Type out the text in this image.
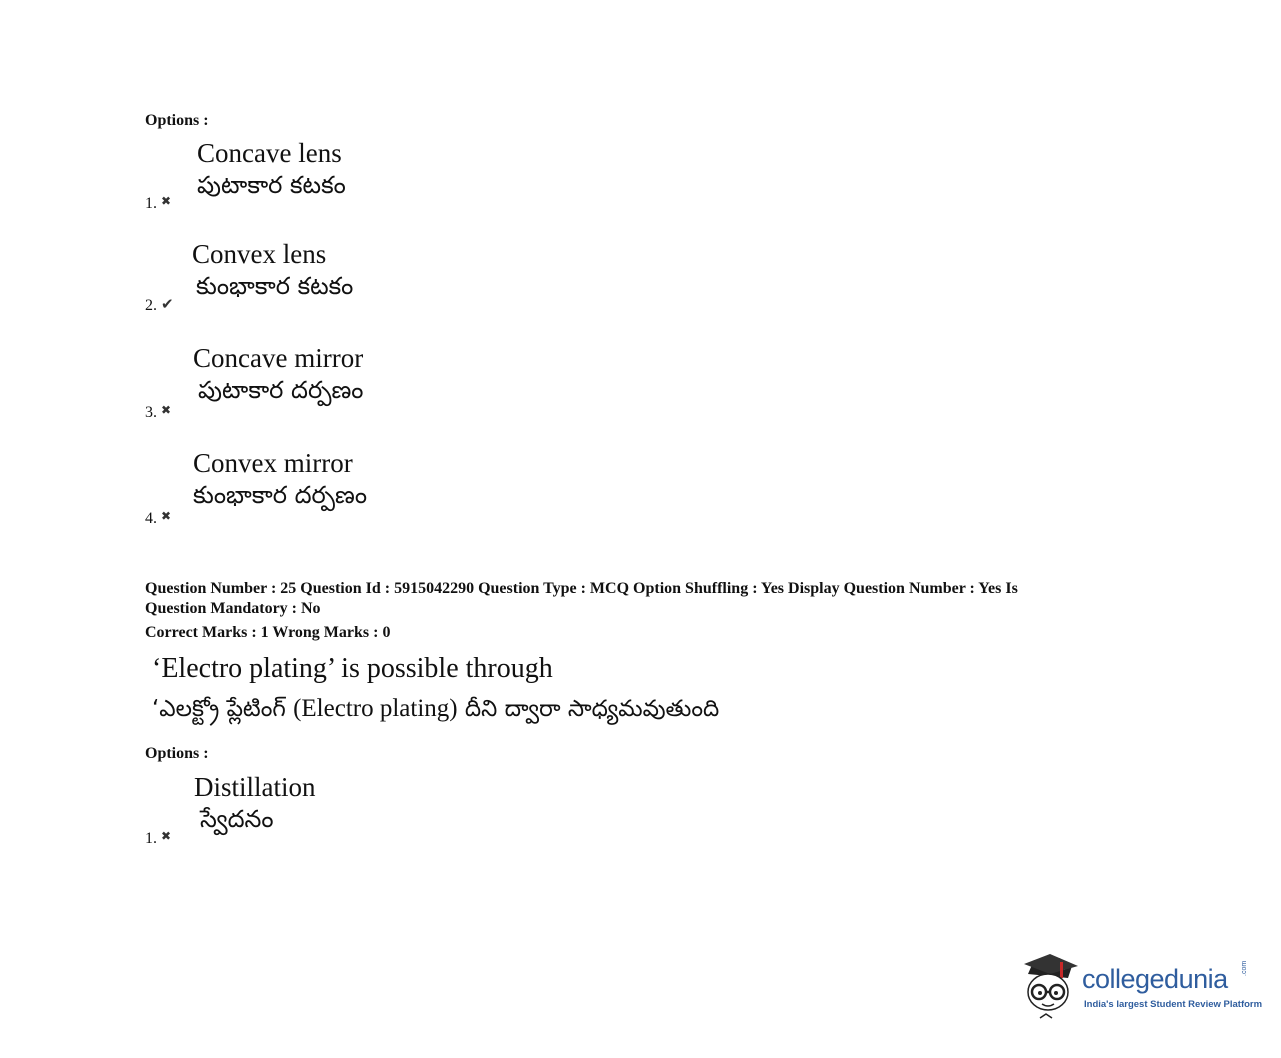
Options :
Concave lens
పుటాకార కటకం
1. ✖
Convex lens
కుంభాకార కటకం
2. ✔
Concave mirror
పుటాకార దర్పణం
3. ✖
Convex mirror
కుంభాకార దర్పణం
4. ✖
Question Number : 25 Question Id : 5915042290 Question Type : MCQ Option Shuffling : Yes Display Question Number : Yes Is
Question Mandatory : No
Correct Marks : 1 Wrong Marks : 0
‘Electro plating’ is possible through
‘ఎలక్ట్రో ప్లేటింగ్ (Electro plating) దీని ద్వారా సాధ్యమవుతుంది
Options :
Distillation
స్వేదనం
1. ✖
collegedunia .com
India's largest Student Review Platform
